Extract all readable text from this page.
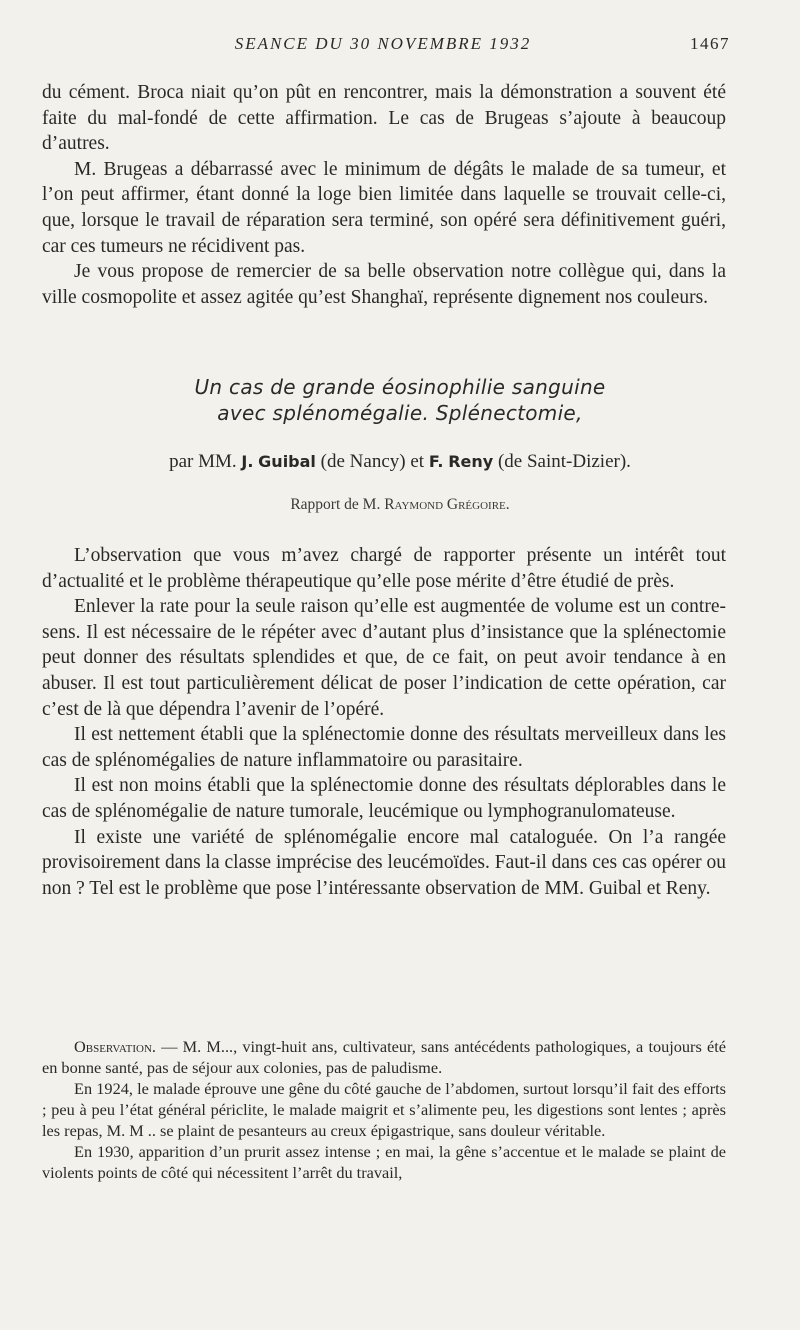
SEANCE DU 30 NOVEMBRE 1932	1467

du cément. Broca niait qu’on pût en rencontrer, mais la démonstration a souvent été faite du mal-fondé de cette affirmation. Le cas de Brugeas s’ajoute à beaucoup d’autres.

M. Brugeas a débarrassé avec le minimum de dégâts le malade de sa tumeur, et l’on peut affirmer, étant donné la loge bien limitée dans laquelle se trouvait celle-ci, que, lorsque le travail de réparation sera terminé, son opéré sera définitivement guéri, car ces tumeurs ne récidivent pas.

Je vous propose de remercier de sa belle observation notre collègue qui, dans la ville cosmopolite et assez agitée qu’est Shanghaï, représente dignement nos couleurs.

Un cas de grande éosinophilie sanguine
avec splénomégalie. Splénectomie,
par MM. J. Guibal (de Nancy) et F. Reny (de Saint-Dizier).
Rapport de M. Raymond Grégoire.

L’observation que vous m’avez chargé de rapporter présente un intérêt tout d’actualité et le problème thérapeutique qu’elle pose mérite d’être étudié de près.

Enlever la rate pour la seule raison qu’elle est augmentée de volume est un contre-sens. Il est nécessaire de le répéter avec d’autant plus d’insistance que la splénectomie peut donner des résultats splendides et que, de ce fait, on peut avoir tendance à en abuser. Il est tout particulièrement délicat de poser l’indication de cette opération, car c’est de là que dépendra l’avenir de l’opéré.

Il est nettement établi que la splénectomie donne des résultats merveilleux dans les cas de splénomégalies de nature inflammatoire ou parasitaire.

Il est non moins établi que la splénectomie donne des résultats déplorables dans le cas de splénomégalie de nature tumorale, leucémique ou lymphogranulomateuse.

Il existe une variété de splénomégalie encore mal cataloguée. On l’a rangée provisoirement dans la classe imprécise des leucémoïdes. Faut-il dans ces cas opérer ou non ? Tel est le problème que pose l’intéressante observation de MM. Guibal et Reny.

Observation. — M. M..., vingt-huit ans, cultivateur, sans antécédents pathologiques, a toujours été en bonne santé, pas de séjour aux colonies, pas de paludisme.

En 1924, le malade éprouve une gêne du côté gauche de l’abdomen, surtout lorsqu’il fait des efforts ; peu à peu l’état général périclite, le malade maigrit et s’alimente peu, les digestions sont lentes ; après les repas, M. M .. se plaint de pesanteurs au creux épigastrique, sans douleur véritable.

En 1930, apparition d’un prurit assez intense ; en mai, la gêne s’accentue et le malade se plaint de violents points de côté qui nécessitent l’arrêt du travail,
